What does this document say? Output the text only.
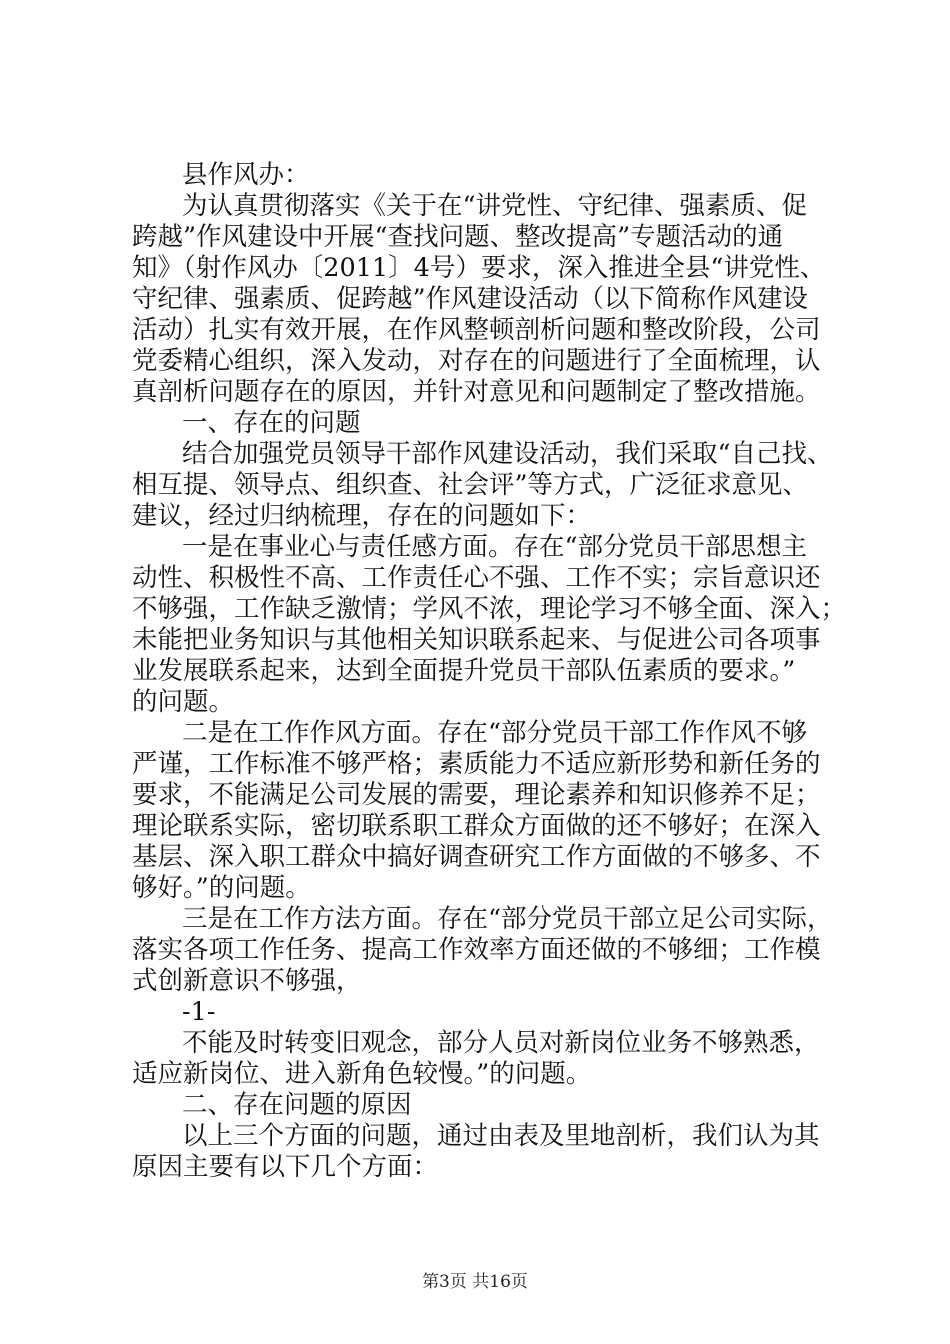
县作风办：
为认真贯彻落实《关于在“讲党性、守纪律、强素质、促
跨越”作风建设中开展“查找问题、整改提高”专题活动的通
知》（射作风办〔2011〕4号）要求，深入推进全县“讲党性、
守纪律、强素质、促跨越”作风建设活动（以下简称作风建设
活动）扎实有效开展，在作风整顿剖析问题和整改阶段，公司
党委精心组织，深入发动，对存在的问题进行了全面梳理，认
真剖析问题存在的原因，并针对意见和问题制定了整改措施。
一、存在的问题
结合加强党员领导干部作风建设活动，我们采取“自己找、
相互提、领导点、组织查、社会评”等方式，广泛征求意见、
建议，经过归纳梳理，存在的问题如下：
一是在事业心与责任感方面。存在“部分党员干部思想主
动性、积极性不高、工作责任心不强、工作不实；宗旨意识还
不够强，工作缺乏激情；学风不浓，理论学习不够全面、深入；
未能把业务知识与其他相关知识联系起来、与促进公司各项事
业发展联系起来，达到全面提升党员干部队伍素质的要求。”
的问题。
二是在工作作风方面。存在“部分党员干部工作作风不够
严谨，工作标准不够严格；素质能力不适应新形势和新任务的
要求，不能满足公司发展的需要，理论素养和知识修养不足；
理论联系实际，密切联系职工群众方面做的还不够好；在深入
基层、深入职工群众中搞好调查研究工作方面做的不够多、不
够好。”的问题。
三是在工作方法方面。存在“部分党员干部立足公司实际，
落实各项工作任务、提高工作效率方面还做的不够细；工作模
式创新意识不够强，
-1-
不能及时转变旧观念，部分人员对新岗位业务不够熟悉，
适应新岗位、进入新角色较慢。”的问题。
二、存在问题的原因
以上三个方面的问题，通过由表及里地剖析，我们认为其
原因主要有以下几个方面：
第3页 共16页
